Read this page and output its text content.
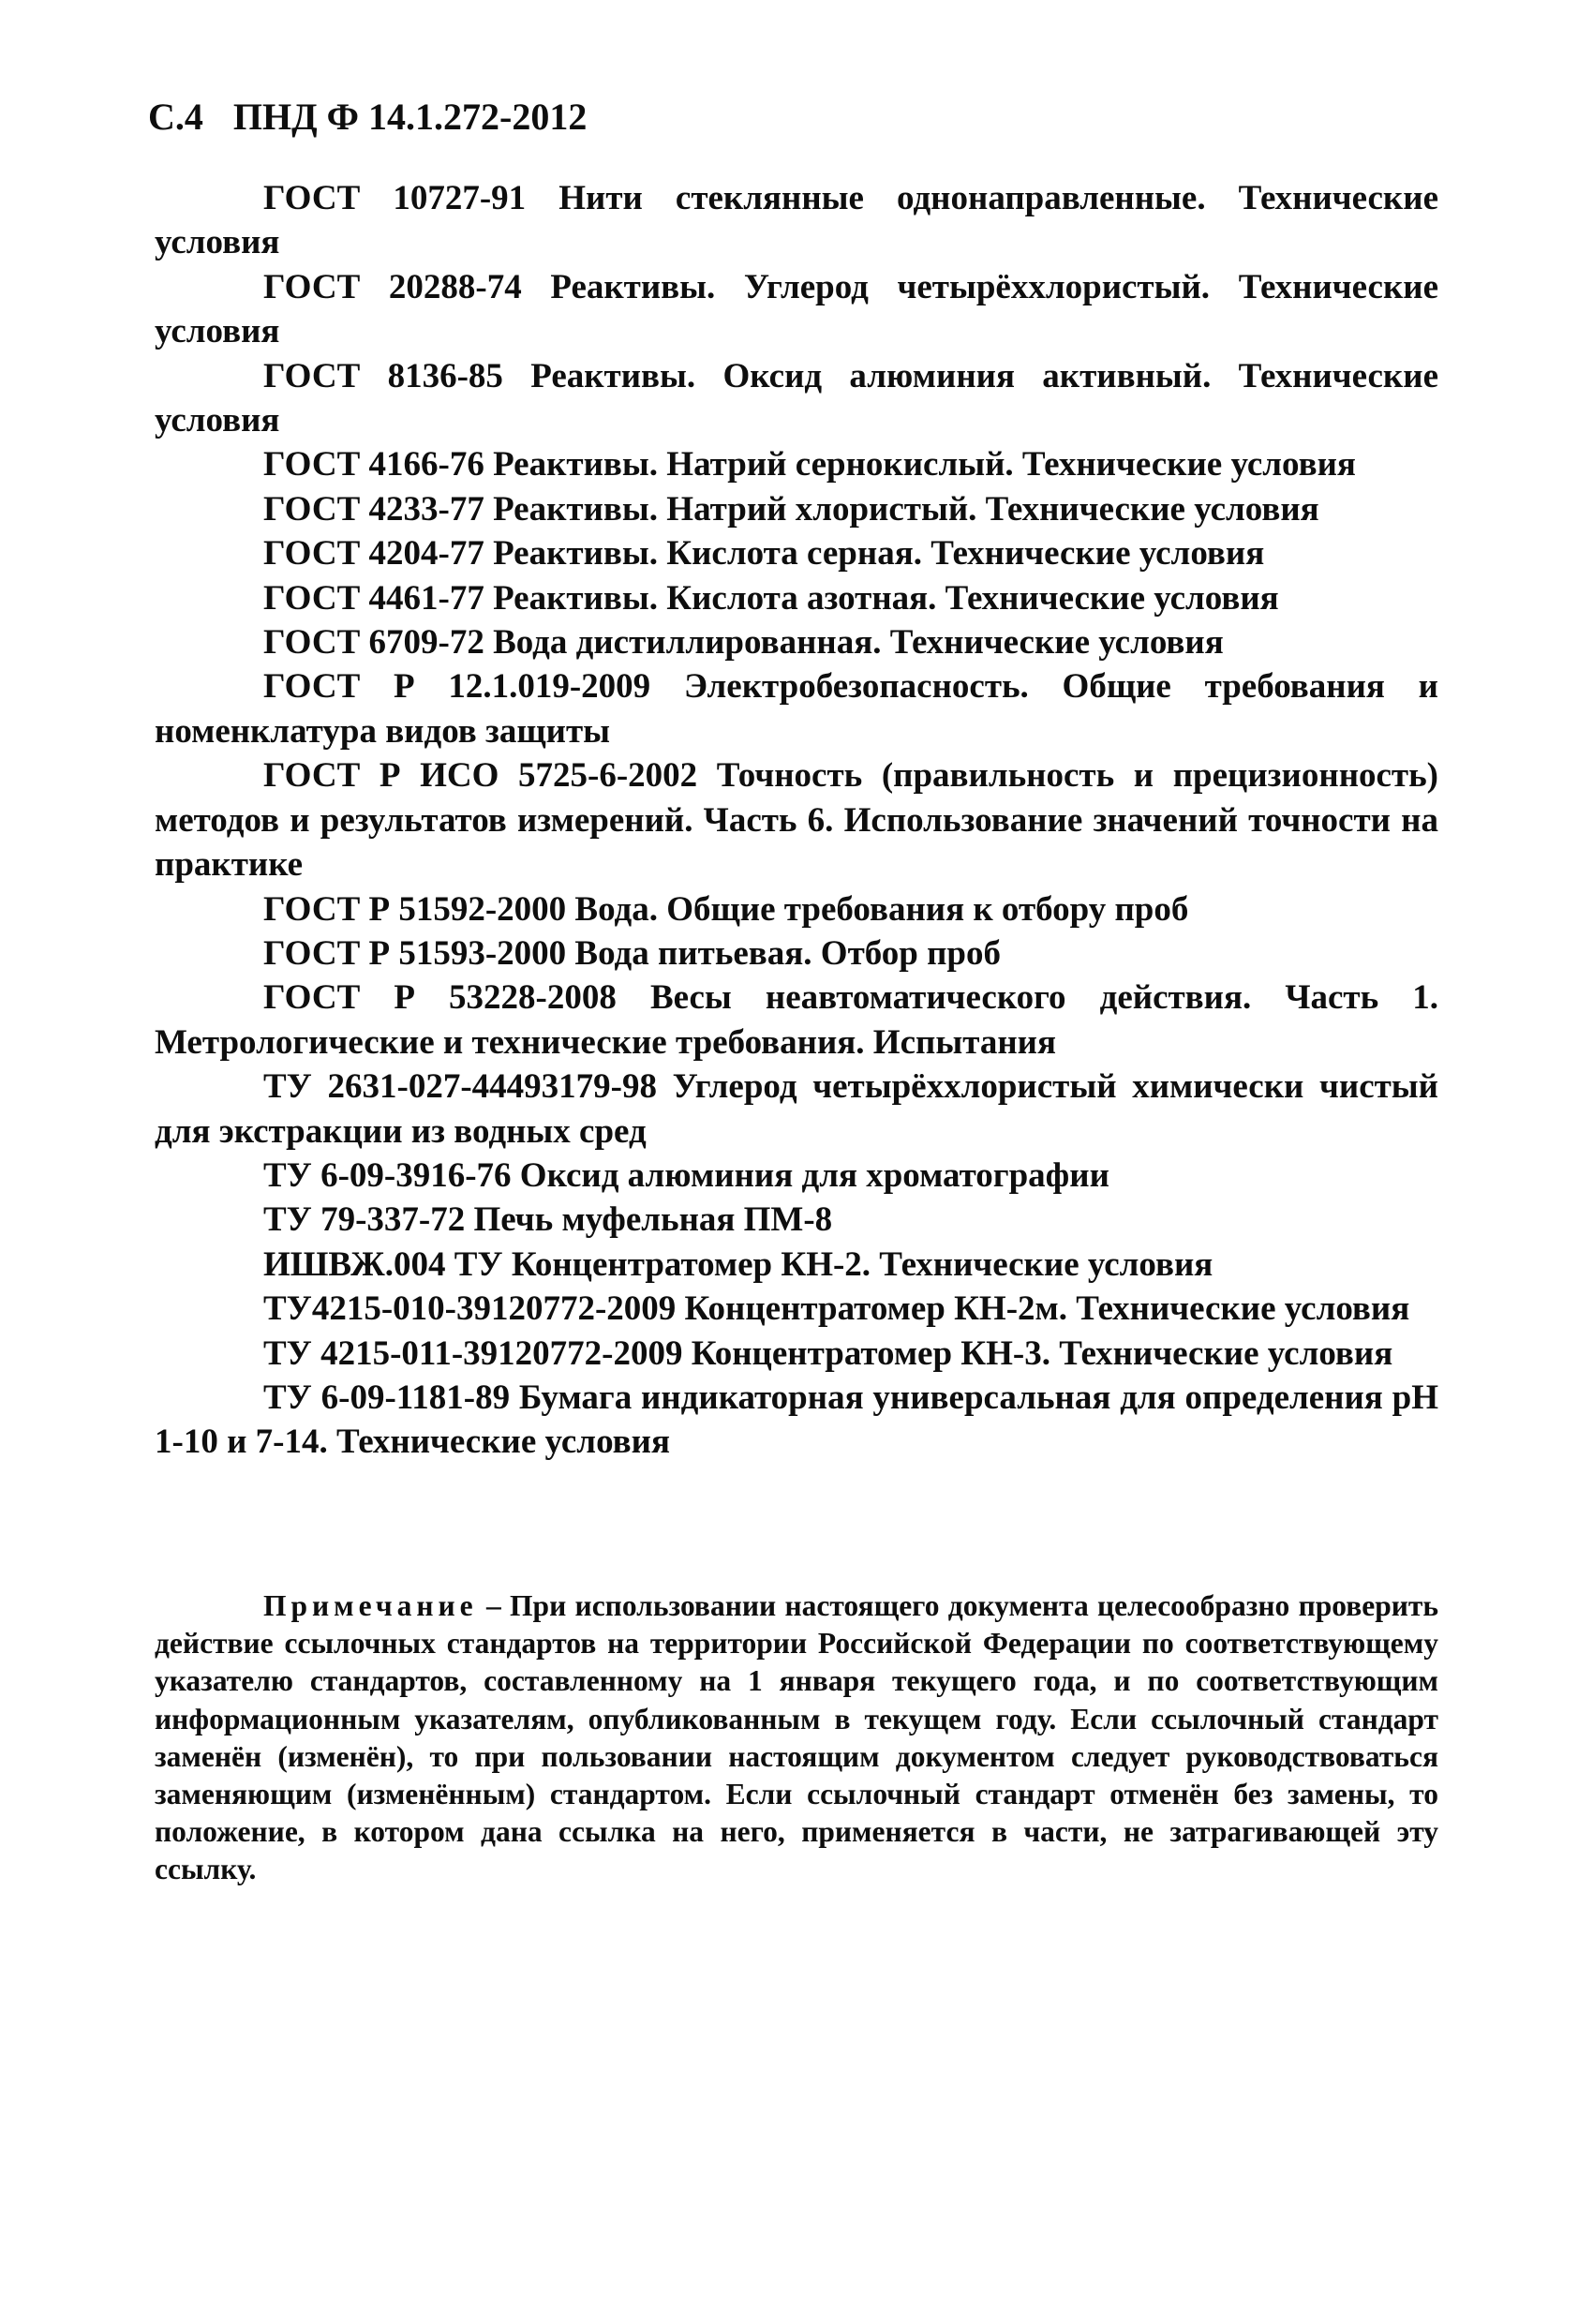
С.4 ПНД Ф 14.1.272-2012

ГОСТ 10727-91 Нити стеклянные однонаправленные. Технические условия

ГОСТ 20288-74 Реактивы. Углерод четырёххлористый. Технические условия

ГОСТ 8136-85 Реактивы. Оксид алюминия активный. Технические условия

ГОСТ 4166-76 Реактивы. Натрий сернокислый. Технические условия

ГОСТ 4233-77 Реактивы. Натрий хлористый. Технические условия

ГОСТ 4204-77 Реактивы. Кислота серная. Технические условия

ГОСТ 4461-77 Реактивы. Кислота азотная. Технические условия

ГОСТ 6709-72 Вода дистиллированная. Технические условия

ГОСТ Р 12.1.019-2009 Электробезопасность. Общие требования и номенклатура видов защиты

ГОСТ Р ИСО 5725-6-2002 Точность (правильность и прецизионность) методов и результатов измерений. Часть 6. Использование значений точности на практике

ГОСТ Р 51592-2000 Вода. Общие требования к отбору проб

ГОСТ Р 51593-2000 Вода питьевая. Отбор проб

ГОСТ Р 53228-2008 Весы неавтоматического действия. Часть 1. Метрологические и технические требования. Испытания

ТУ 2631-027-44493179-98 Углерод четырёххлористый химически чистый для экстракции из водных сред

ТУ 6-09-3916-76 Оксид алюминия для хроматографии

ТУ 79-337-72 Печь муфельная ПМ-8

ИШВЖ.004 ТУ Концентратомер КН-2. Технические условия

ТУ4215-010-39120772-2009 Концентратомер КН-2м. Технические условия

ТУ 4215-011-39120772-2009 Концентратомер КН-3. Технические условия

ТУ 6-09-1181-89 Бумага индикаторная универсальная для определения pH 1-10 и 7-14. Технические условия

Примечание – При использовании настоящего документа целесообразно проверить действие ссылочных стандартов на территории Российской Федерации по соответствующему указателю стандартов, составленному на 1 января текущего года, и по соответствующим информационным указателям, опубликованным в текущем году. Если ссылочный стандарт заменён (изменён), то при пользовании настоящим документом следует руководствоваться заменяющим (изменённым) стандартом. Если ссылочный стандарт отменён без замены, то положение, в котором дана ссылка на него, применяется в части, не затрагивающей эту ссылку.
